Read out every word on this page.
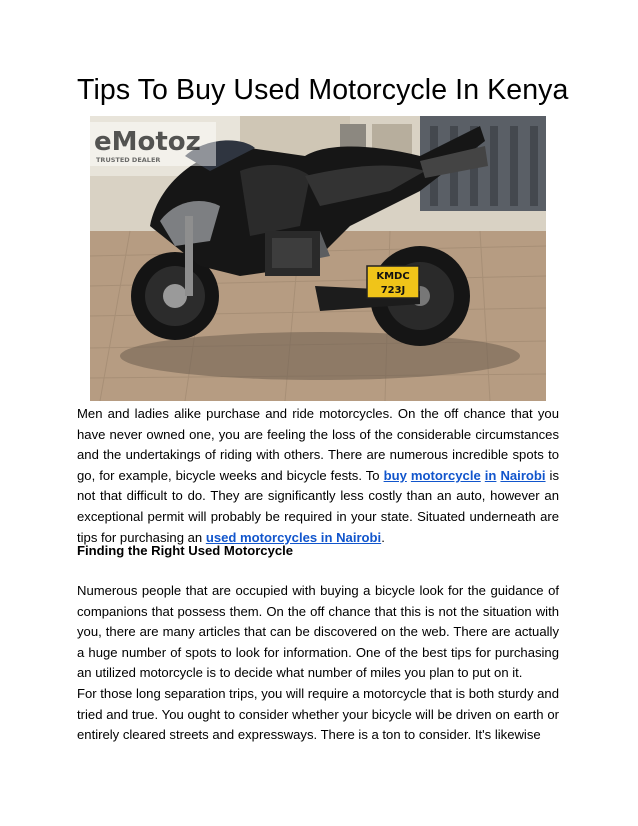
Tips To Buy Used Motorcycle In Kenya
KMDC
723J
eMotoz
TRUSTED DEALER

Men and ladies alike purchase and ride motorcycles. On the off chance that you have never owned one, you are feeling the loss of the considerable circumstances and the undertakings of riding with others. There are numerous incredible spots to go, for example, bicycle weeks and bicycle fests. To buy motorcycle in Nairobi is not that difficult to do. They are significantly less costly than an auto, however an exceptional permit will probably be required in your state. Situated underneath are tips for purchasing an used motorcycles in Nairobi.

Finding the Right Used Motorcycle

Numerous people that are occupied with buying a bicycle look for the guidance of companions that possess them. On the off chance that this is not the situation with you, there are many articles that can be discovered on the web. There are actually a huge number of spots to look for information. One of the best tips for purchasing an utilized motorcycle is to decide what number of miles you plan to put on it.

For those long separation trips, you will require a motorcycle that is both sturdy and tried and true. You ought to consider whether your bicycle will be driven on earth or entirely cleared streets and expressways. There is a ton to consider. It's likewise
